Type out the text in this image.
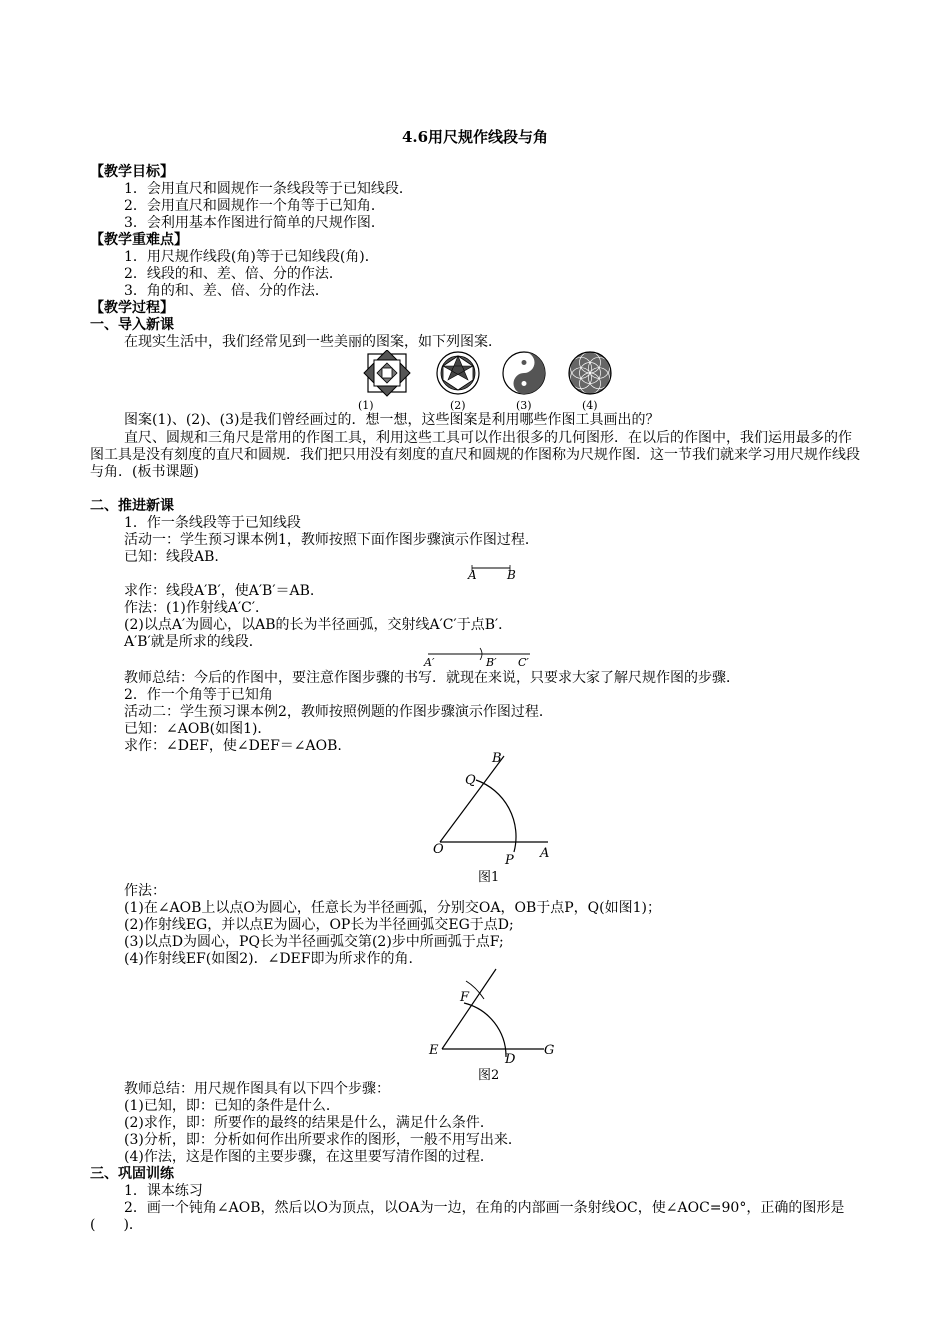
4.6用尺规作线段与角
【教学目标】
1．会用直尺和圆规作一条线段等于已知线段．
2．会用直尺和圆规作一个角等于已知角．
3．会利用基本作图进行简单的尺规作图．
【教学重难点】
1．用尺规作线段(角)等于已知线段(角)．
2．线段的和、差、倍、分的作法．
3．角的和、差、倍、分的作法．
【教学过程】
一、导入新课
在现实生活中，我们经常见到一些美丽的图案，如下列图案．
(1)	(2)	(3)	(4)
图案(1)、(2)、(3)是我们曾经画过的．想一想，这些图案是利用哪些作图工具画出的？
直尺、圆规和三角尺是常用的作图工具，利用这些工具可以作出很多的几何图形．在以后的作图中，我们运用最多的作图工具是没有刻度的直尺和圆规．我们把只用没有刻度的直尺和圆规的作图称为尺规作图．这一节我们就来学习用尺规作线段与角．(板书课题)
二、推进新课
1．作一条线段等于已知线段
活动一：学生预习课本例1，教师按照下面作图步骤演示作图过程．
已知：线段AB.
A	B
求作：线段A′B′，使A′B′＝AB.
作法：(1)作射线A′C′．
(2)以点A′为圆心，以AB的长为半径画弧，交射线A′C′于点B′．
A′B′就是所求的线段．
A′	B′ C′
教师总结：今后的作图中，要注意作图步骤的书写．就现在来说，只要求大家了解尺规作图的步骤．
2．作一个角等于已知角
活动二：学生预习课本例2，教师按照例题的作图步骤演示作图过程．
已知：∠AOB(如图1)．
求作：∠DEF，使∠DEF＝∠AOB.
B
Q
O
P A
图1
作法：
(1)在∠AOB上以点O为圆心，任意长为半径画弧，分别交OA，OB于点P，Q(如图1)；
(2)作射线EG，并以点E为圆心，OP长为半径画弧交EG于点D;
(3)以点D为圆心，PQ长为半径画弧交第(2)步中所画弧于点F;
(4)作射线EF(如图2)．∠DEF即为所求作的角.
F
E
D
G
图2
教师总结：用尺规作图具有以下四个步骤：
(1)已知，即：已知的条件是什么．
(2)求作，即：所要作的最终的结果是什么，满足什么条件．
(3)分析，即：分析如何作出所要求作的图形，一般不用写出来．
(4)作法，这是作图的主要步骤，在这里要写清作图的过程．
三、巩固训练
1．课本练习
2．画一个钝角∠AOB，然后以O为顶点，以OA为一边，在角的内部画一条射线OC，使∠AOC=90°，正确的图形是(　　)．
